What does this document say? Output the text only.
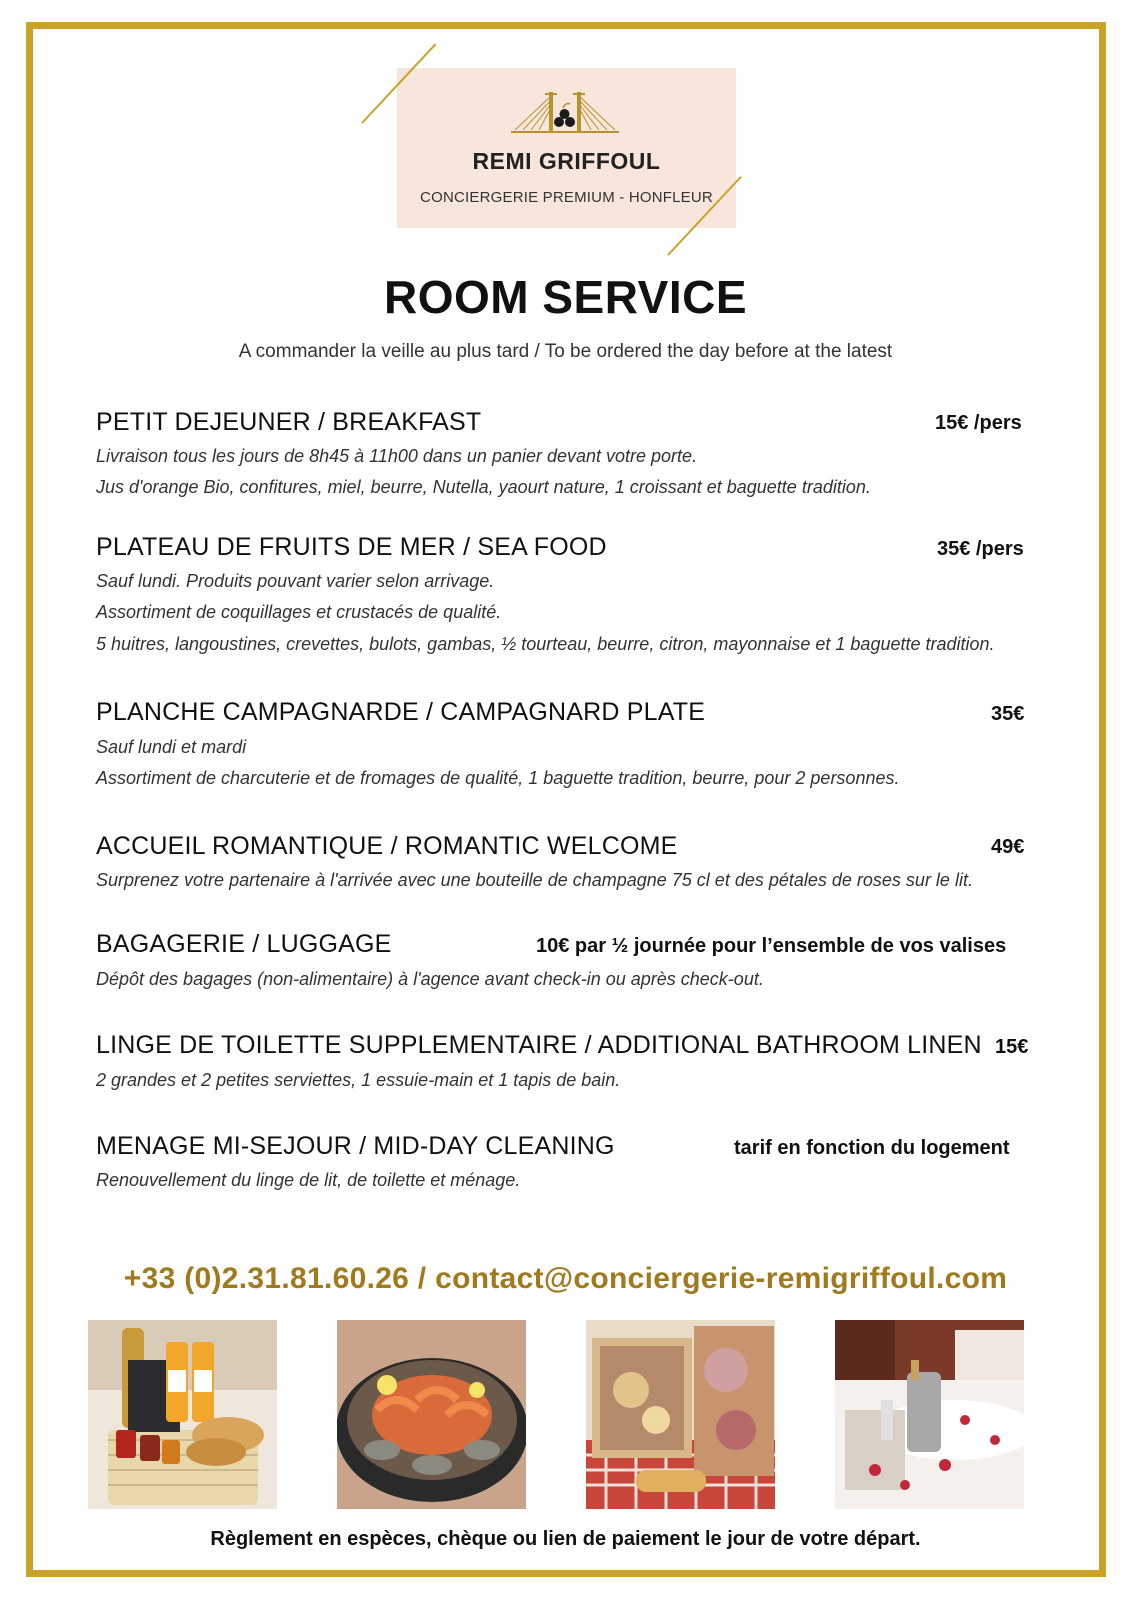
REMI GRIFFOUL
CONCIERGERIE PREMIUM - HONFLEUR
ROOM SERVICE
A commander la veille au plus tard / To be ordered the day before at the latest
PETIT DEJEUNER / BREAKFAST	15€ /pers
Livraison tous les jours de 8h45 à 11h00 dans un panier devant votre porte.
Jus d'orange Bio, confitures, miel, beurre, Nutella, yaourt nature, 1 croissant et baguette tradition.
PLATEAU DE FRUITS DE MER / SEA FOOD	35€ /pers
Sauf lundi. Produits pouvant varier selon arrivage.
Assortiment de coquillages et crustacés de qualité.
5 huitres, langoustines, crevettes, bulots, gambas, ½ tourteau, beurre, citron, mayonnaise et 1 baguette tradition.
PLANCHE CAMPAGNARDE / CAMPAGNARD PLATE	35€
Sauf lundi et mardi
Assortiment de charcuterie et de fromages de qualité, 1 baguette tradition, beurre, pour 2 personnes.
ACCUEIL ROMANTIQUE / ROMANTIC WELCOME	49€
Surprenez votre partenaire à l'arrivée avec une bouteille de champagne 75 cl et des pétales de roses sur le lit.
BAGAGERIE / LUGGAGE	10€ par ½ journée pour l’ensemble de vos valises
Dépôt des bagages (non-alimentaire) à l'agence avant check-in ou après check-out.
LINGE DE TOILETTE SUPPLEMENTAIRE / ADDITIONAL BATHROOM LINEN 15€
2 grandes et 2 petites serviettes, 1 essuie-main et 1 tapis de bain.
MENAGE MI-SEJOUR / MID-DAY CLEANING	tarif en fonction du logement
Renouvellement du linge de lit, de toilette et ménage.
+33 (0)2.31.81.60.26 / contact@conciergerie-remigriffoul.com
Règlement en espèces, chèque ou lien de paiement le jour de votre départ.
